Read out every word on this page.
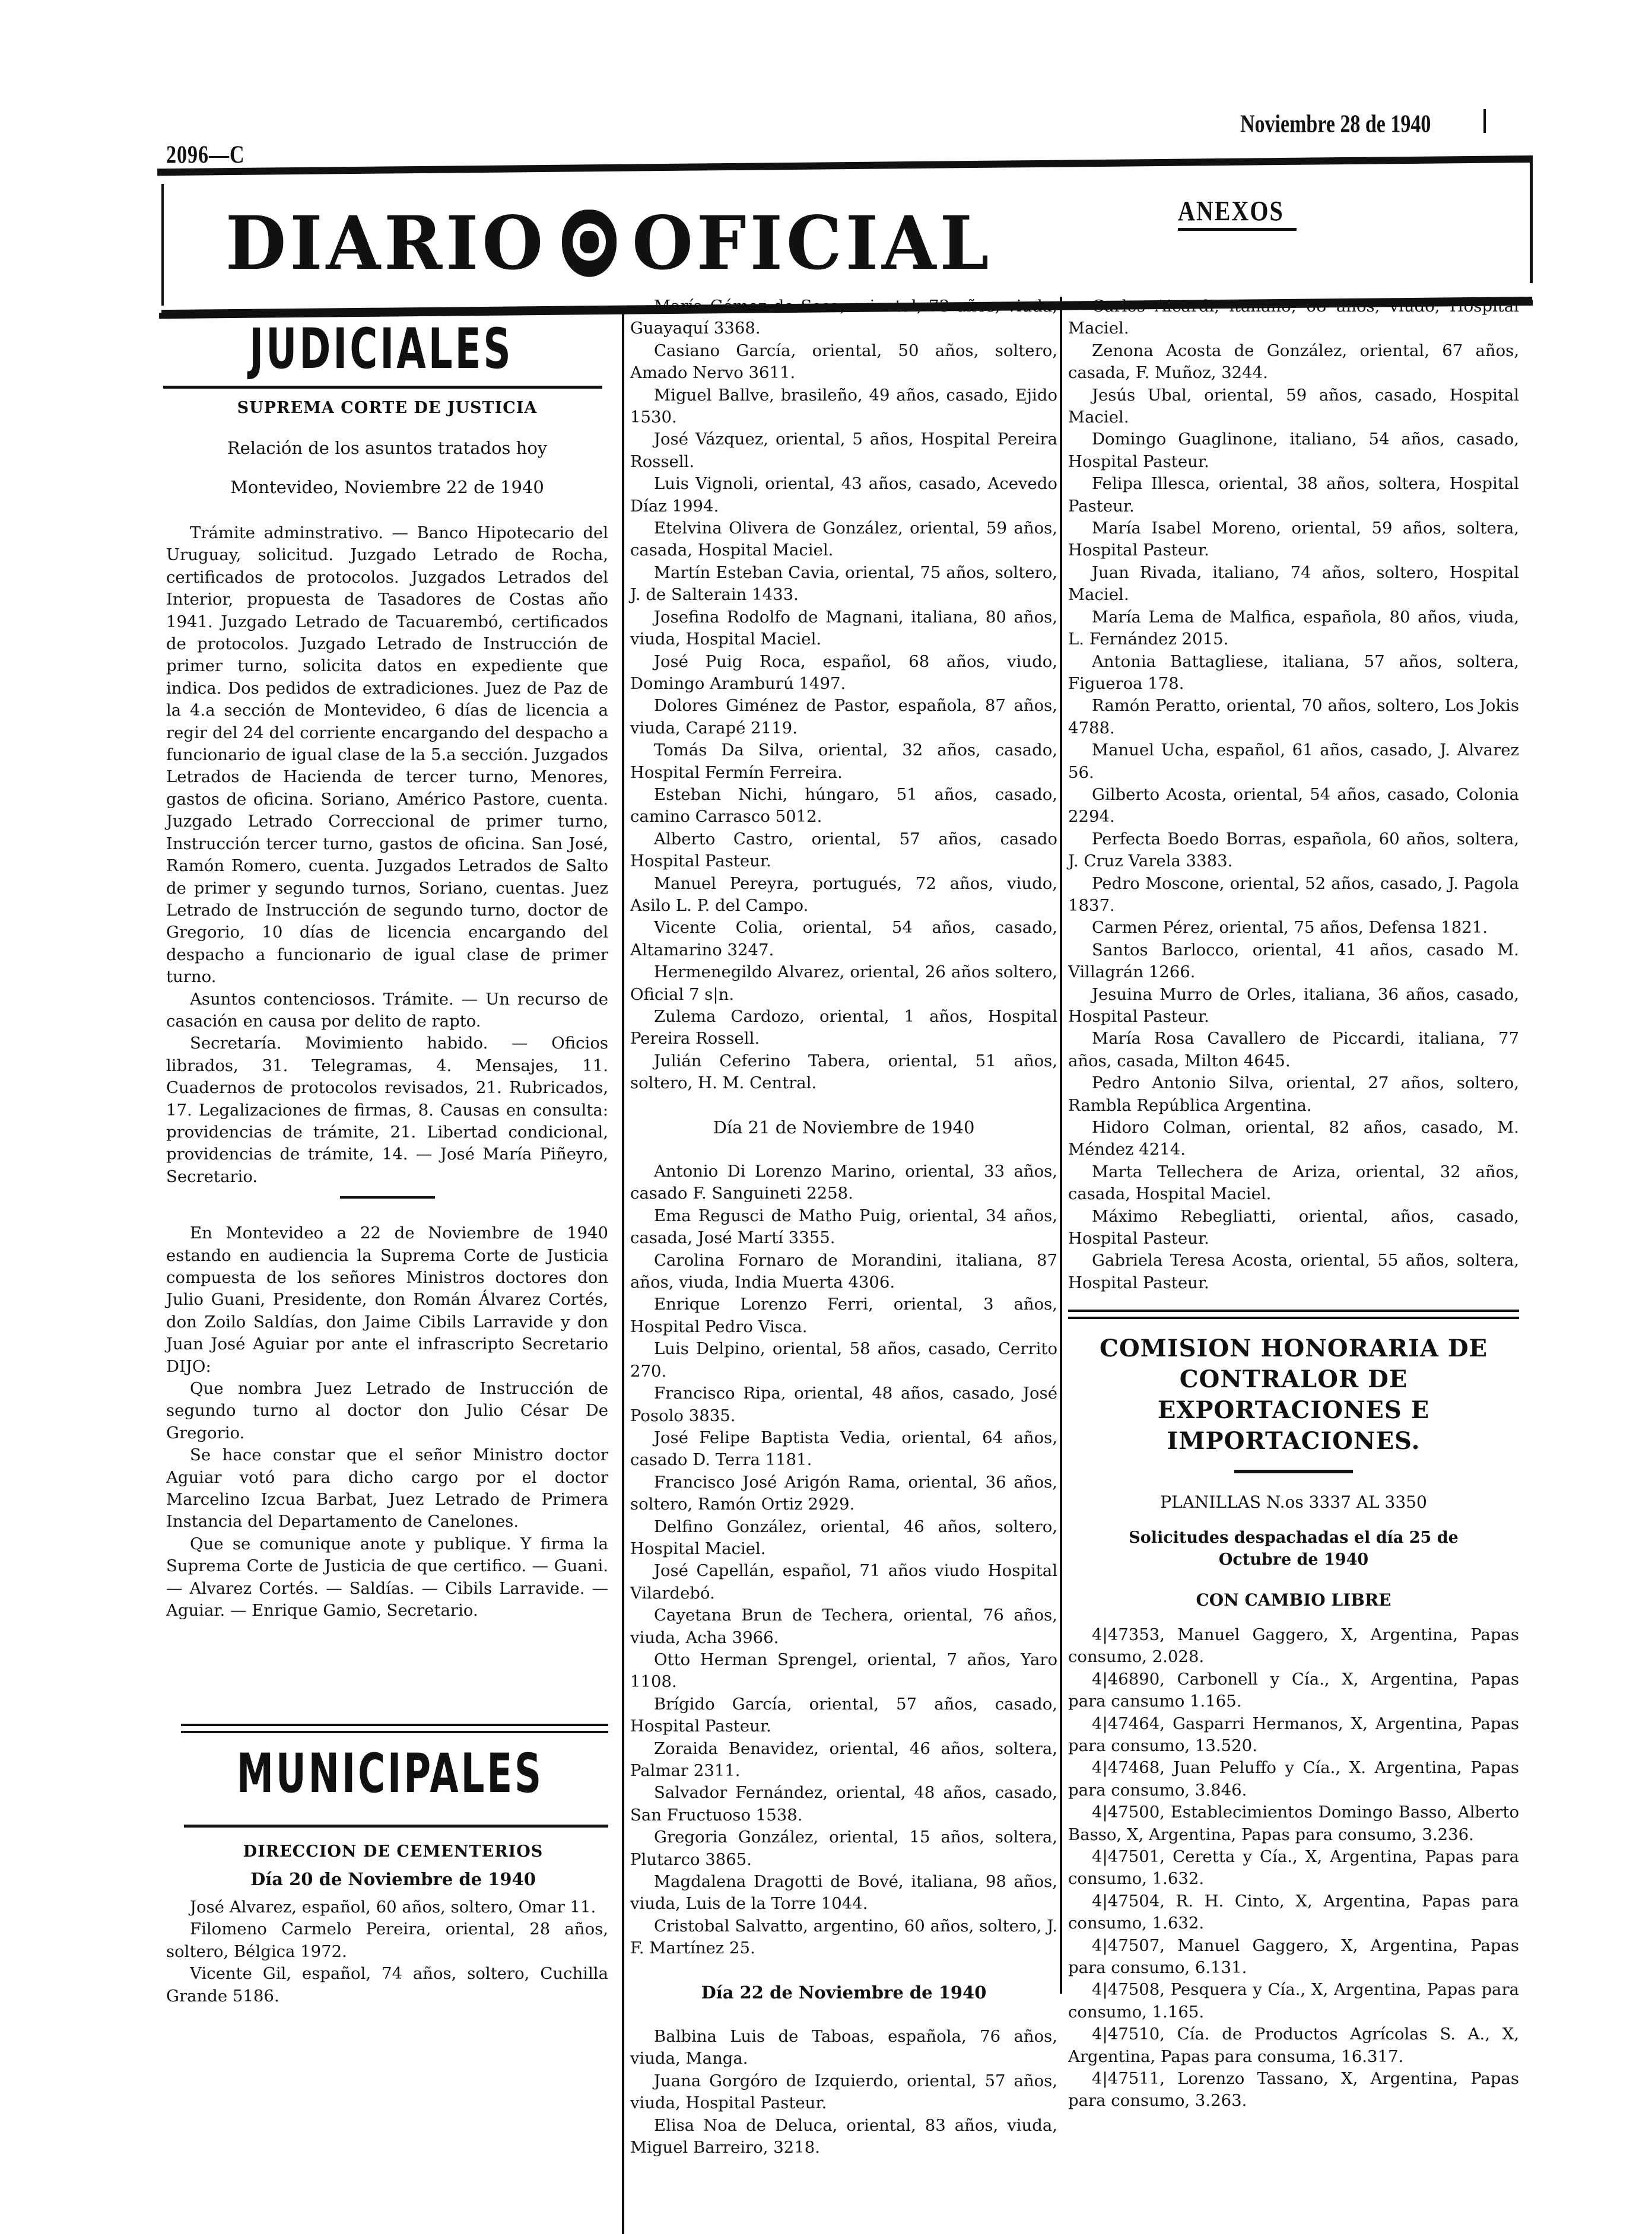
2096—C
Noviembre 28 de 1940
DIARIO OFICIAL	ANEXOS
JUDICIALES
SUPREMA CORTE DE JUSTICIA
Relación de los asuntos tratados hoy
Montevideo, Noviembre 22 de 1940

Trámite adminstrativo. — Banco Hipotecario del Uruguay, solicitud. Juzgado Letrado de Rocha, certificados de protocolos. Juzgados Letrados del Interior, propuesta de Tasadores de Costas año 1941. Juzgado Letrado de Tacuarembó, certificados de protocolos. Juzgado Letrado de Instrucción de primer turno, solicita datos en expediente que indica. Dos pedidos de extradiciones. Juez de Paz de la 4.a sección de Montevideo, 6 días de licencia a regir del 24 del corriente encargando del despacho a funcionario de igual clase de la 5.a sección. Juzgados Letrados de Hacienda de tercer turno, Menores, gastos de oficina. Soriano, Américo Pastore, cuenta. Juzgado Letrado Correccional de primer turno, Instrucción tercer turno, gastos de oficina. San José, Ramón Romero, cuenta. Juzgados Letrados de Salto de primer y segundo turnos, Soriano, cuentas. Juez Letrado de Instrucción de segundo turno, doctor de Gregorio, 10 días de licencia encargando del despacho a funcionario de igual clase de primer turno.

Asuntos contenciosos. Trámite. — Un recurso de casación en causa por delito de rapto.

Secretaría. Movimiento habido. — Oficios librados, 31. Telegramas, 4. Mensajes, 11. Cuadernos de protocolos revisados, 21. Rubricados, 17. Legalizaciones de firmas, 8. Causas en consulta: providencias de trámite, 21. Libertad condicional, providencias de trámite, 14. — José María Piñeyro, Secretario.

En Montevideo a 22 de Noviembre de 1940 estando en audiencia la Suprema Corte de Justicia compuesta de los señores Ministros doctores don Julio Guani, Presidente, don Román Álvarez Cortés, don Zoilo Saldías, don Jaime Cibils Larravide y don Juan José Aguiar por ante el infrascripto Secretario DIJO:

Que nombra Juez Letrado de Instrucción de segundo turno al doctor don Julio César De Gregorio.

Se hace constar que el señor Ministro doctor Aguiar votó para dicho cargo por el doctor Marcelino Izcua Barbat, Juez Letrado de Primera Instancia del Departamento de Canelones.

Que se comunique anote y publique. Y firma la Suprema Corte de Justicia de que certifico. — Guani. — Alvarez Cortés. — Saldías. — Cibils Larravide. — Aguiar. — Enrique Gamio, Secretario.

MUNICIPALES
DIRECCION DE CEMENTERIOS
Día 20 de Noviembre de 1940

José Alvarez, español, 60 años, soltero, Omar 11.

Filomeno Carmelo Pereira, oriental, 28 años, soltero, Bélgica 1972.

Vicente Gil, español, 74 años, soltero, Cuchilla Grande 5186.

María Gómez de Sosa, oriental, 73 años, viuda, Guayaquí 3368.

Casiano García, oriental, 50 años, soltero, Amado Nervo 3611.

Miguel Ballve, brasileño, 49 años, casado, Ejido 1530.

José Vázquez, oriental, 5 años, Hospital Pereira Rossell.

Luis Vignoli, oriental, 43 años, casado, Acevedo Díaz 1994.

Etelvina Olivera de González, oriental, 59 años, casada, Hospital Maciel.

Martín Esteban Cavia, oriental, 75 años, soltero, J. de Salterain 1433.

Josefina Rodolfo de Magnani, italiana, 80 años, viuda, Hospital Maciel.

José Puig Roca, español, 68 años, viudo, Domingo Aramburú 1497.

Dolores Giménez de Pastor, española, 87 años, viuda, Carapé 2119.

Tomás Da Silva, oriental, 32 años, casado, Hospital Fermín Ferreira.

Esteban Nichi, húngaro, 51 años, casado, camino Carrasco 5012.

Alberto Castro, oriental, 57 años, casado Hospital Pasteur.

Manuel Pereyra, portugués, 72 años, viudo, Asilo L. P. del Campo.

Vicente Colia, oriental, 54 años, casado, Altamarino 3247.

Hermenegildo Alvarez, oriental, 26 años soltero, Oficial 7 s|n.

Zulema Cardozo, oriental, 1 años, Hospital Pereira Rossell.

Julián Ceferino Tabera, oriental, 51 años, soltero, H. M. Central.

Día 21 de Noviembre de 1940

Antonio Di Lorenzo Marino, oriental, 33 años, casado F. Sanguineti 2258.

Ema Regusci de Matho Puig, oriental, 34 años, casada, José Martí 3355.

Carolina Fornaro de Morandini, italiana, 87 años, viuda, India Muerta 4306.

Enrique Lorenzo Ferri, oriental, 3 años, Hospital Pedro Visca.

Luis Delpino, oriental, 58 años, casado, Cerrito 270.

Francisco Ripa, oriental, 48 años, casado, José Posolo 3835.

José Felipe Baptista Vedia, oriental, 64 años, casado D. Terra 1181.

Francisco José Arigón Rama, oriental, 36 años, soltero, Ramón Ortiz 2929.

Delfino González, oriental, 46 años, soltero, Hospital Maciel.

José Capellán, español, 71 años viudo Hospital Vilardebó.

Cayetana Brun de Techera, oriental, 76 años, viuda, Acha 3966.

Otto Herman Sprengel, oriental, 7 años, Yaro 1108.

Brígido García, oriental, 57 años, casado, Hospital Pasteur.

Zoraida Benavidez, oriental, 46 años, soltera, Palmar 2311.

Salvador Fernández, oriental, 48 años, casado, San Fructuoso 1538.

Gregoria González, oriental, 15 años, soltera, Plutarco 3865.

Magdalena Dragotti de Bové, italiana, 98 años, viuda, Luis de la Torre 1044.

Cristobal Salvatto, argentino, 60 años, soltero, J. F. Martínez 25.

Día 22 de Noviembre de 1940

Balbina Luis de Taboas, española, 76 años, viuda, Manga.

Juana Gorgóro de Izquierdo, oriental, 57 años, viuda, Hospital Pasteur.

Elisa Noa de Deluca, oriental, 83 años, viuda, Miguel Barreiro, 3218.

Carlos Aicardi, italiano, 68 años, viudo, Hospital Maciel.

Zenona Acosta de González, oriental, 67 años, casada, F. Muñoz, 3244.

Jesús Ubal, oriental, 59 años, casado, Hospital Maciel.

Domingo Guaglinone, italiano, 54 años, casado, Hospital Pasteur.

Felipa Illesca, oriental, 38 años, soltera, Hospital Pasteur.

María Isabel Moreno, oriental, 59 años, soltera, Hospital Pasteur.

Juan Rivada, italiano, 74 años, soltero, Hospital Maciel.

María Lema de Malfica, española, 80 años, viuda, L. Fernández 2015.

Antonia Battagliese, italiana, 57 años, soltera, Figueroa 178.

Ramón Peratto, oriental, 70 años, soltero, Los Jokis 4788.

Manuel Ucha, español, 61 años, casado, J. Alvarez 56.

Gilberto Acosta, oriental, 54 años, casado, Colonia 2294.

Perfecta Boedo Borras, española, 60 años, soltera, J. Cruz Varela 3383.

Pedro Moscone, oriental, 52 años, casado, J. Pagola 1837.

Carmen Pérez, oriental, 75 años, Defensa 1821.

Santos Barlocco, oriental, 41 años, casado M. Villagrán 1266.

Jesuina Murro de Orles, italiana, 36 años, casado, Hospital Pasteur.

María Rosa Cavallero de Piccardi, italiana, 77 años, casada, Milton 4645.

Pedro Antonio Silva, oriental, 27 años, soltero, Rambla República Argentina.

Hidoro Colman, oriental, 82 años, casado, M. Méndez 4214.

Marta Tellechera de Ariza, oriental, 32 años, casada, Hospital Maciel.

Máximo Rebegliatti, oriental, años, casado, Hospital Pasteur.

Gabriela Teresa Acosta, oriental, 55 años, soltera, Hospital Pasteur.

COMISION HONORARIA DE CONTRALOR DE EXPORTACIONES E IMPORTACIONES.
PLANILLAS N.os 3337 AL 3350
Solicitudes despachadas el día 25 de Octubre de 1940
CON CAMBIO LIBRE

4|47353, Manuel Gaggero, X, Argentina, Papas consumo, 2.028.

4|46890, Carbonell y Cía., X, Argentina, Papas para cansumo 1.165.

4|47464, Gasparri Hermanos, X, Argentina, Papas para consumo, 13.520.

4|47468, Juan Peluffo y Cía., X. Argentina, Papas para consumo, 3.846.

4|47500, Establecimientos Domingo Basso, Alberto Basso, X, Argentina, Papas para consumo, 3.236.

4|47501, Ceretta y Cía., X, Argentina, Papas para consumo, 1.632.

4|47504, R. H. Cinto, X, Argentina, Papas para consumo, 1.632.

4|47507, Manuel Gaggero, X, Argentina, Papas para consumo, 6.131.

4|47508, Pesquera y Cía., X, Argentina, Papas para consumo, 1.165.

4|47510, Cía. de Productos Agrícolas S. A., X, Argentina, Papas para consuma, 16.317.

4|47511, Lorenzo Tassano, X, Argentina, Papas para consumo, 3.263.
